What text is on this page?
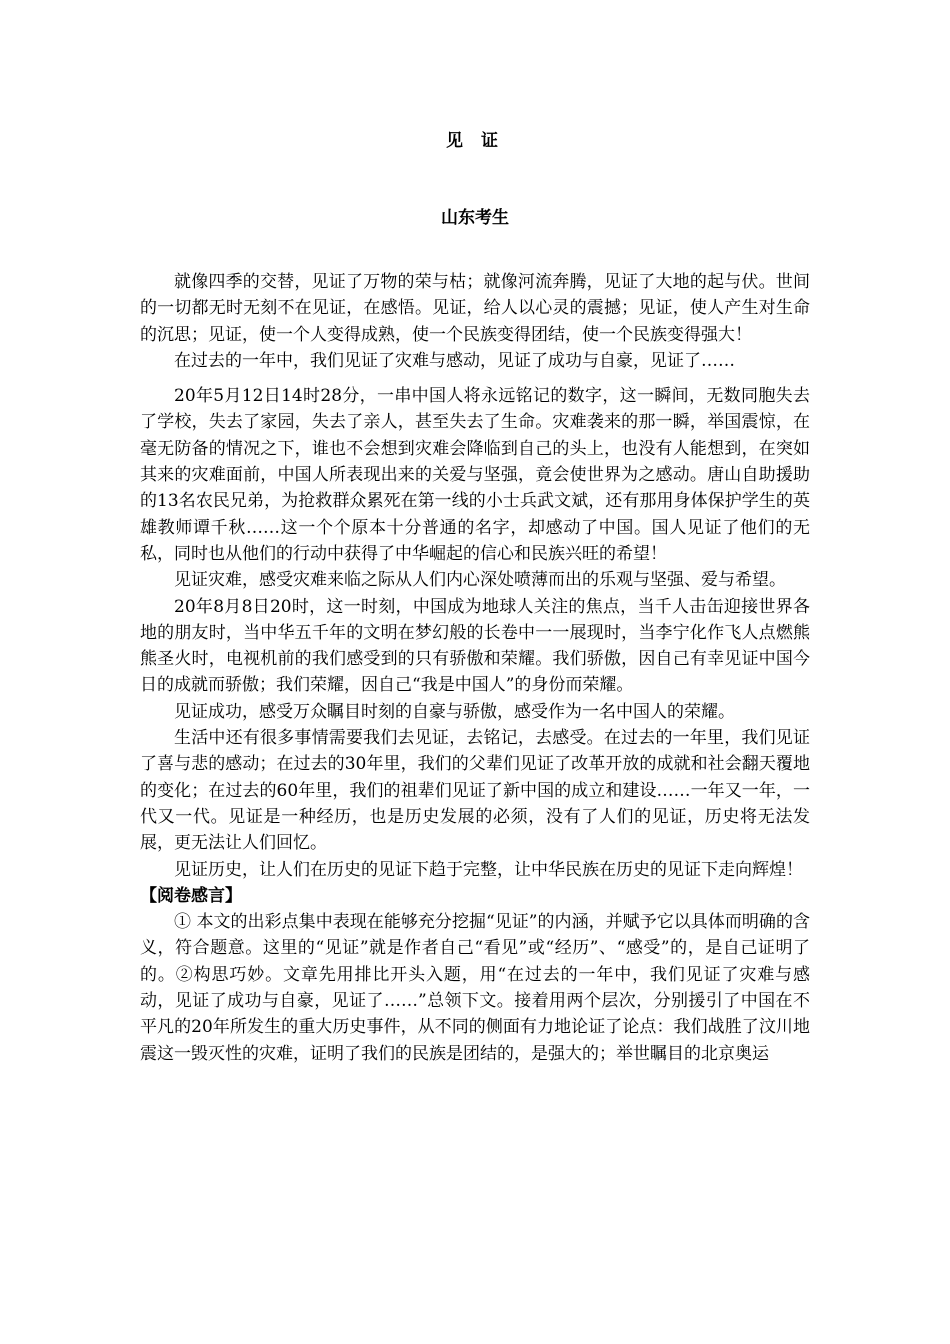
见 证
山东考生

就像四季的交替，见证了万物的荣与枯；就像河流奔腾，见证了大地的起与伏。世间的一切都无时无刻不在见证，在感悟。见证，给人以心灵的震撼；见证，使人产生对生命的沉思；见证，使一个人变得成熟，使一个民族变得团结，使一个民族变得强大！

在过去的一年中，我们见证了灾难与感动，见证了成功与自豪，见证了……

20年5月12日14时28分，一串中国人将永远铭记的数字，这一瞬间，无数同胞失去了学校，失去了家园，失去了亲人，甚至失去了生命。灾难袭来的那一瞬，举国震惊，在毫无防备的情况之下，谁也不会想到灾难会降临到自己的头上，也没有人能想到，在突如其来的灾难面前，中国人所表现出来的关爱与坚强，竟会使世界为之感动。唐山自助援助的13名农民兄弟，为抢救群众累死在第一线的小士兵武文斌，还有那用身体保护学生的英雄教师谭千秋……这一个个原本十分普通的名字，却感动了中国。国人见证了他们的无私，同时也从他们的行动中获得了中华崛起的信心和民族兴旺的希望！

见证灾难，感受灾难来临之际从人们内心深处喷薄而出的乐观与坚强、爱与希望。

20年8月8日20时，这一时刻，中国成为地球人关注的焦点，当千人击缶迎接世界各地的朋友时，当中华五千年的文明在梦幻般的长卷中一一展现时，当李宁化作飞人点燃熊熊圣火时，电视机前的我们感受到的只有骄傲和荣耀。我们骄傲，因自己有幸见证中国今日的成就而骄傲；我们荣耀，因自己“我是中国人”的身份而荣耀。

见证成功，感受万众瞩目时刻的自豪与骄傲，感受作为一名中国人的荣耀。

生活中还有很多事情需要我们去见证，去铭记，去感受。在过去的一年里，我们见证了喜与悲的感动；在过去的30年里，我们的父辈们见证了改革开放的成就和社会翻天覆地的变化；在过去的60年里，我们的祖辈们见证了新中国的成立和建设……一年又一年，一代又一代。见证是一种经历，也是历史发展的必须，没有了人们的见证，历史将无法发展，更无法让人们回忆。

见证历史，让人们在历史的见证下趋于完整，让中华民族在历史的见证下走向辉煌！

【阅卷感言】

① 本文的出彩点集中表现在能够充分挖掘“见证”的内涵，并赋予它以具体而明确的含义，符合题意。这里的“见证”就是作者自己“看见”或“经历”、“感受”的，是自己证明了的。②构思巧妙。文章先用排比开头入题，用“在过去的一年中，我们见证了灾难与感动，见证了成功与自豪，见证了……”总领下文。接着用两个层次，分别援引了中国在不平凡的20年所发生的重大历史事件，从不同的侧面有力地论证了论点：我们战胜了汶川地震这一毁灭性的灾难，证明了我们的民族是团结的，是强大的；举世瞩目的北京奥运
